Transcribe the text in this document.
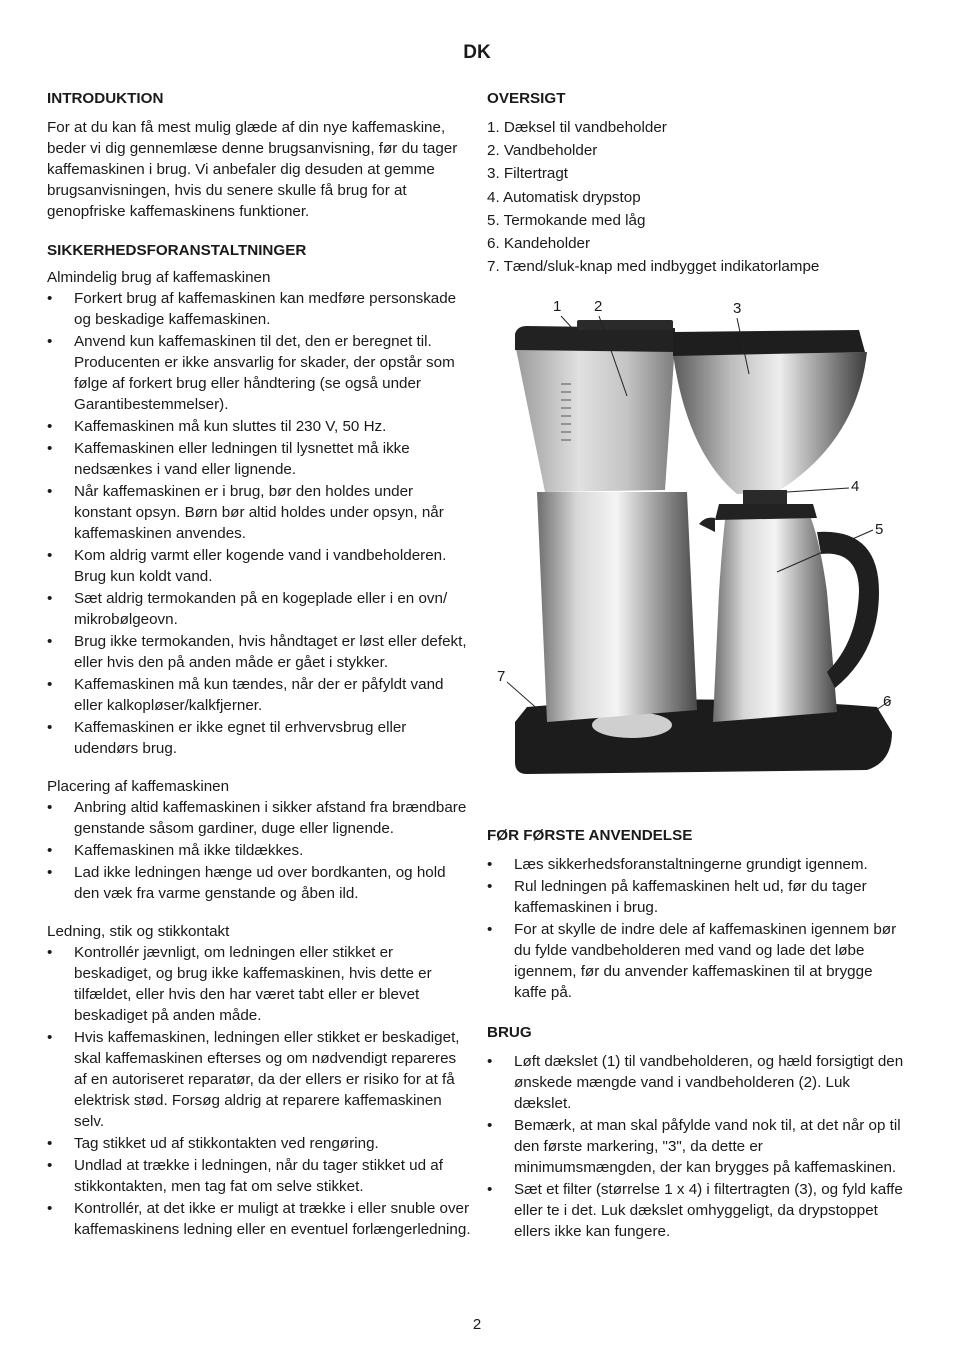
DK
INTRODUKTION

For at du kan få mest mulig glæde af din nye kaffemaskine, beder vi dig gennemlæse denne brugsanvisning, før du tager kaffemaskinen i brug. Vi anbefaler dig desuden at gemme brugsanvisningen, hvis du senere skulle få brug for at genopfriske kaffemaskinens funktioner.

SIKKERHEDSFORANSTALTNINGER

Almindelig brug af kaffemaskinen

• Forkert brug af kaffemaskinen kan medføre personskade og beskadige kaffemaskinen.
• Anvend kun kaffemaskinen til det, den er beregnet til. Producenten er ikke ansvarlig for skader, der opstår som følge af forkert brug eller håndtering (se også under Garantibestemmelser).
• Kaffemaskinen må kun sluttes til 230 V, 50 Hz.
• Kaffemaskinen eller ledningen til lysnettet må ikke nedsænkes i vand eller lignende.
• Når kaffemaskinen er i brug, bør den holdes under konstant opsyn. Børn bør altid holdes under opsyn, når kaffemaskinen anvendes.
• Kom aldrig varmt eller kogende vand i vandbeholderen. Brug kun koldt vand.
• Sæt aldrig termokanden på en kogeplade eller i en ovn/ mikrobølgeovn.
• Brug ikke termokanden, hvis håndtaget er løst eller defekt, eller hvis den på anden måde er gået i stykker.
• Kaffemaskinen må kun tændes, når der er påfyldt vand eller kalkopløser/kalkfjerner.
• Kaffemaskinen er ikke egnet til erhvervsbrug eller udendørs brug.

Placering af kaffemaskinen

• Anbring altid kaffemaskinen i sikker afstand fra brændbare genstande såsom gardiner, duge eller lignende.
• Kaffemaskinen må ikke tildækkes.
• Lad ikke ledningen hænge ud over bordkanten, og hold den væk fra varme genstande og åben ild.

Ledning, stik og stikkontakt

• Kontrollér jævnligt, om ledningen eller stikket er beskadiget, og brug ikke kaffemaskinen, hvis dette er tilfældet, eller hvis den har været tabt eller er blevet beskadiget på anden måde.
• Hvis kaffemaskinen, ledningen eller stikket er beskadiget, skal kaffemaskinen efterses og om nødvendigt repareres af en autoriseret reparatør, da der ellers er risiko for at få elektrisk stød. Forsøg aldrig at reparere kaffemaskinen selv.
• Tag stikket ud af stikkontakten ved rengøring.
• Undlad at trække i ledningen, når du tager stikket ud af stikkontakten, men tag fat om selve stikket.
• Kontrollér, at det ikke er muligt at trække i eller snuble over kaffemaskinens ledning eller en eventuel forlængerledning.
OVERSIGT
1. Dæksel til vandbeholder
2. Vandbeholder
3. Filtertragt
4. Automatisk drypstop
5. Termokande med låg
6. Kandeholder
7. Tænd/sluk-knap med indbygget indikatorlampe
1 2	3
4
5
6
7
FØR FØRSTE ANVENDELSE
• Læs sikkerhedsforanstaltningerne grundigt igennem.
• Rul ledningen på kaffemaskinen helt ud, før du tager kaffemaskinen i brug.
• For at skylle de indre dele af kaffemaskinen igennem bør du fylde vandbeholderen med vand og lade det løbe igennem, før du anvender kaffemaskinen til at brygge kaffe på.
BRUG
• Løft dækslet (1) til vandbeholderen, og hæld forsigtigt den ønskede mængde vand i vandbeholderen (2). Luk dækslet.
• Bemærk, at man skal påfylde vand nok til, at det når op til den første markering, "3", da dette er minimumsmængden, der kan brygges på kaffemaskinen.
• Sæt et filter (størrelse 1 x 4) i filtertragten (3), og fyld kaffe eller te i det. Luk dækslet omhyggeligt, da drypstoppet ellers ikke kan fungere.
2
